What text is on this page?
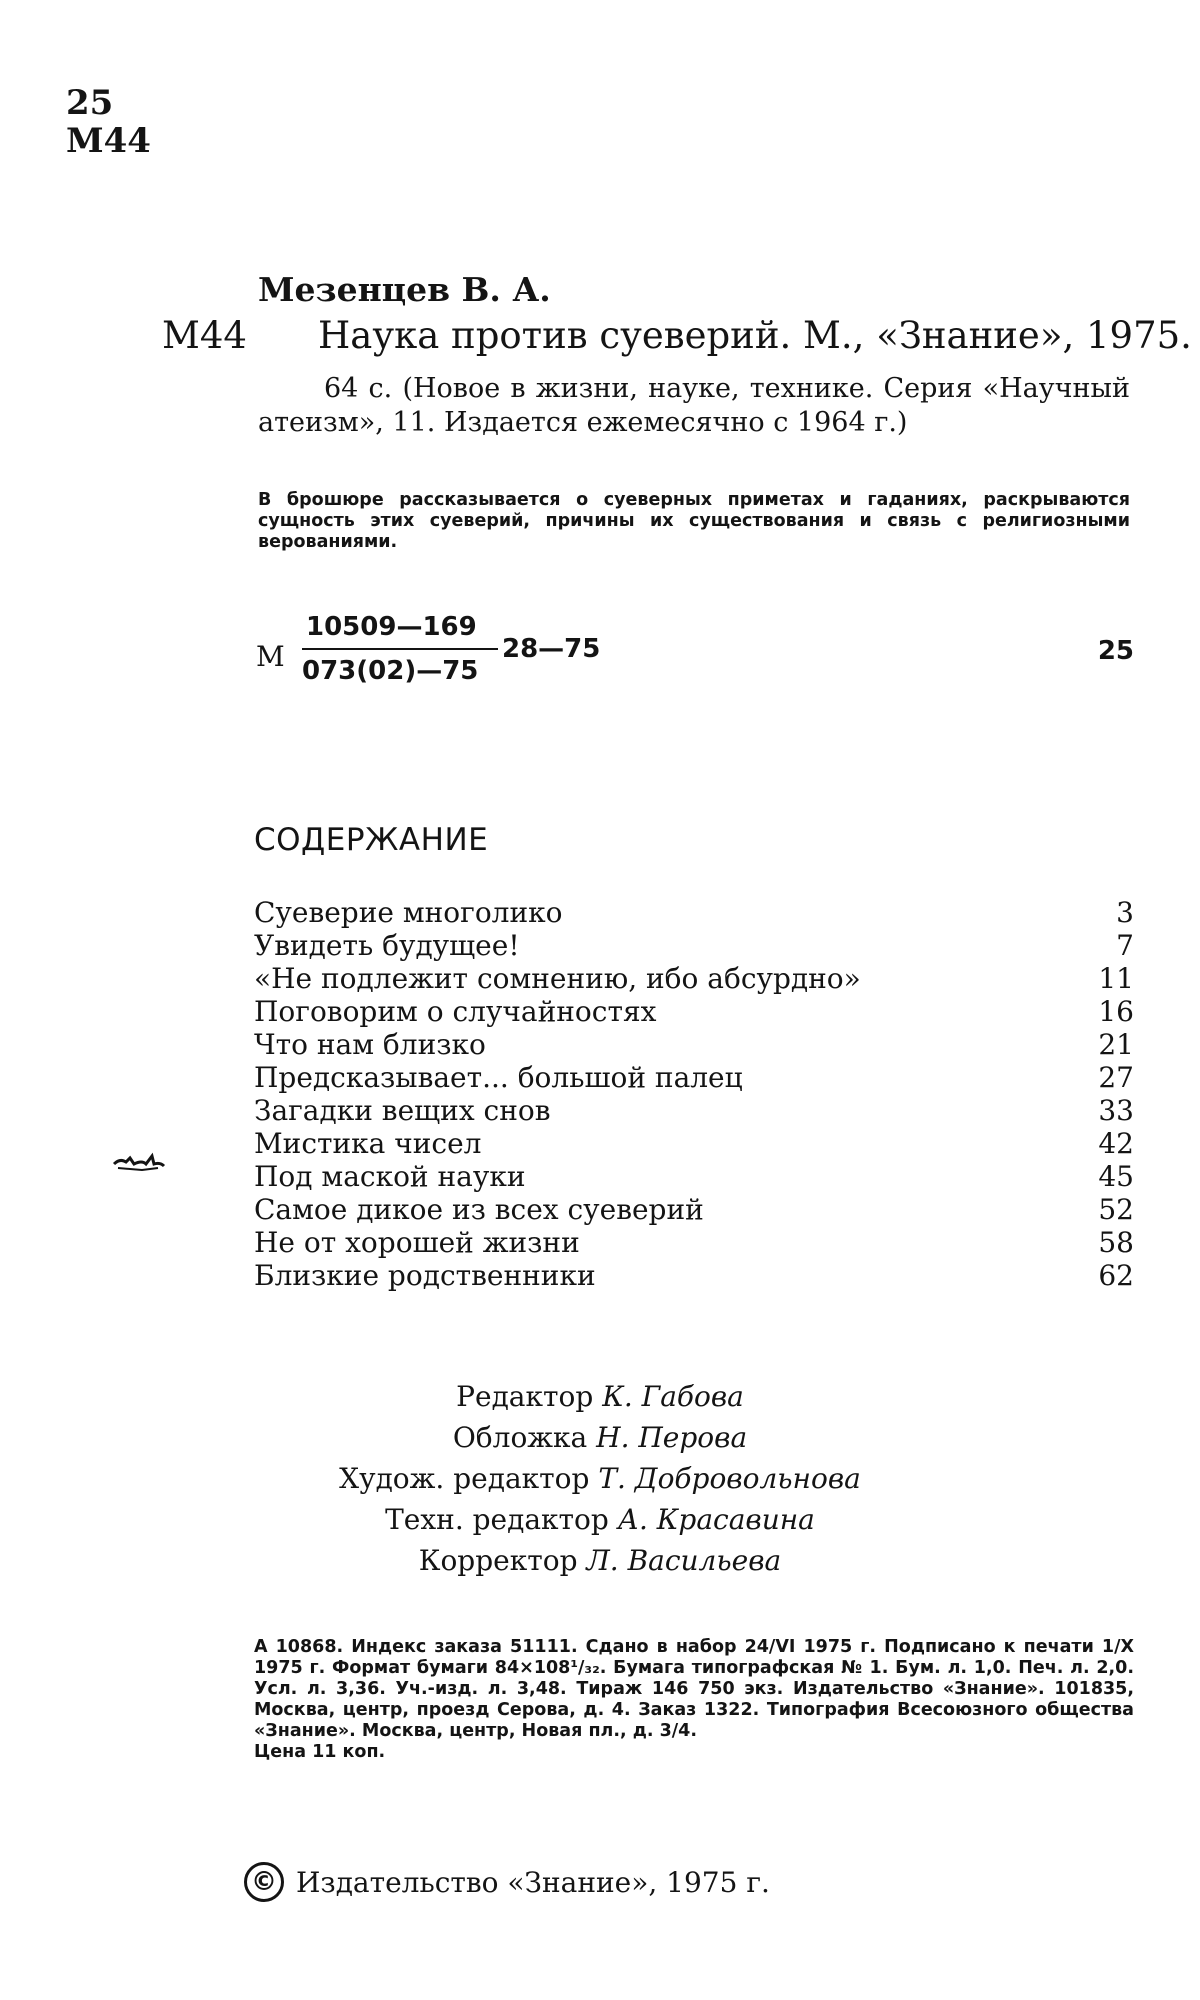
25
М44
Мезенцев В. А.
М44 Наука против суеверий. М., «Знание», 1975.
64 с. (Новое в жизни, науке, технике. Серия «Научный атеизм», 11. Издается ежемесячно с 1964 г.)
В брошюре рассказывается о суеверных приметах и гаданиях, раскрываются сущность этих суеверий, причины их существования и связь с религиозными верованиями.
М
10509—169
073(02)—75
28—75	25
СОДЕРЖАНИЕ
Суеверие многолико	3
Увидеть будущее!	7
«Не подлежит сомнению, ибо абсурдно»	11
Поговорим о случайностях	16
Что нам близко	21
Предсказывает... большой палец	27
Загадки вещих снов	33
Мистика чисел	42
Под маской науки	45
Самое дикое из всех суеверий	52
Не от хорошей жизни	58
Близкие родственники	62
Редактор К. Габова
Обложка Н. Перова
Худож. редактор Т. Добровольнова
Техн. редактор А. Красавина
Корректор Л. Васильева
А 10868. Индекс заказа 51111. Сдано в набор 24/VI 1975 г. Подписано к печати 1/X 1975 г. Формат бумаги 84×108¹/₃₂. Бумага типографская № 1. Бум. л. 1,0. Печ. л. 2,0. Усл. л. 3,36. Уч.-изд. л. 3,48. Тираж 146 750 экз. Издательство «Знание». 101835, Москва, центр, проезд Серова, д. 4. Заказ 1322. Типография Всесоюзного общества «Знание». Москва, центр, Новая пл., д. 3/4.
Цена 11 коп.
© Издательство «Знание», 1975 г.
